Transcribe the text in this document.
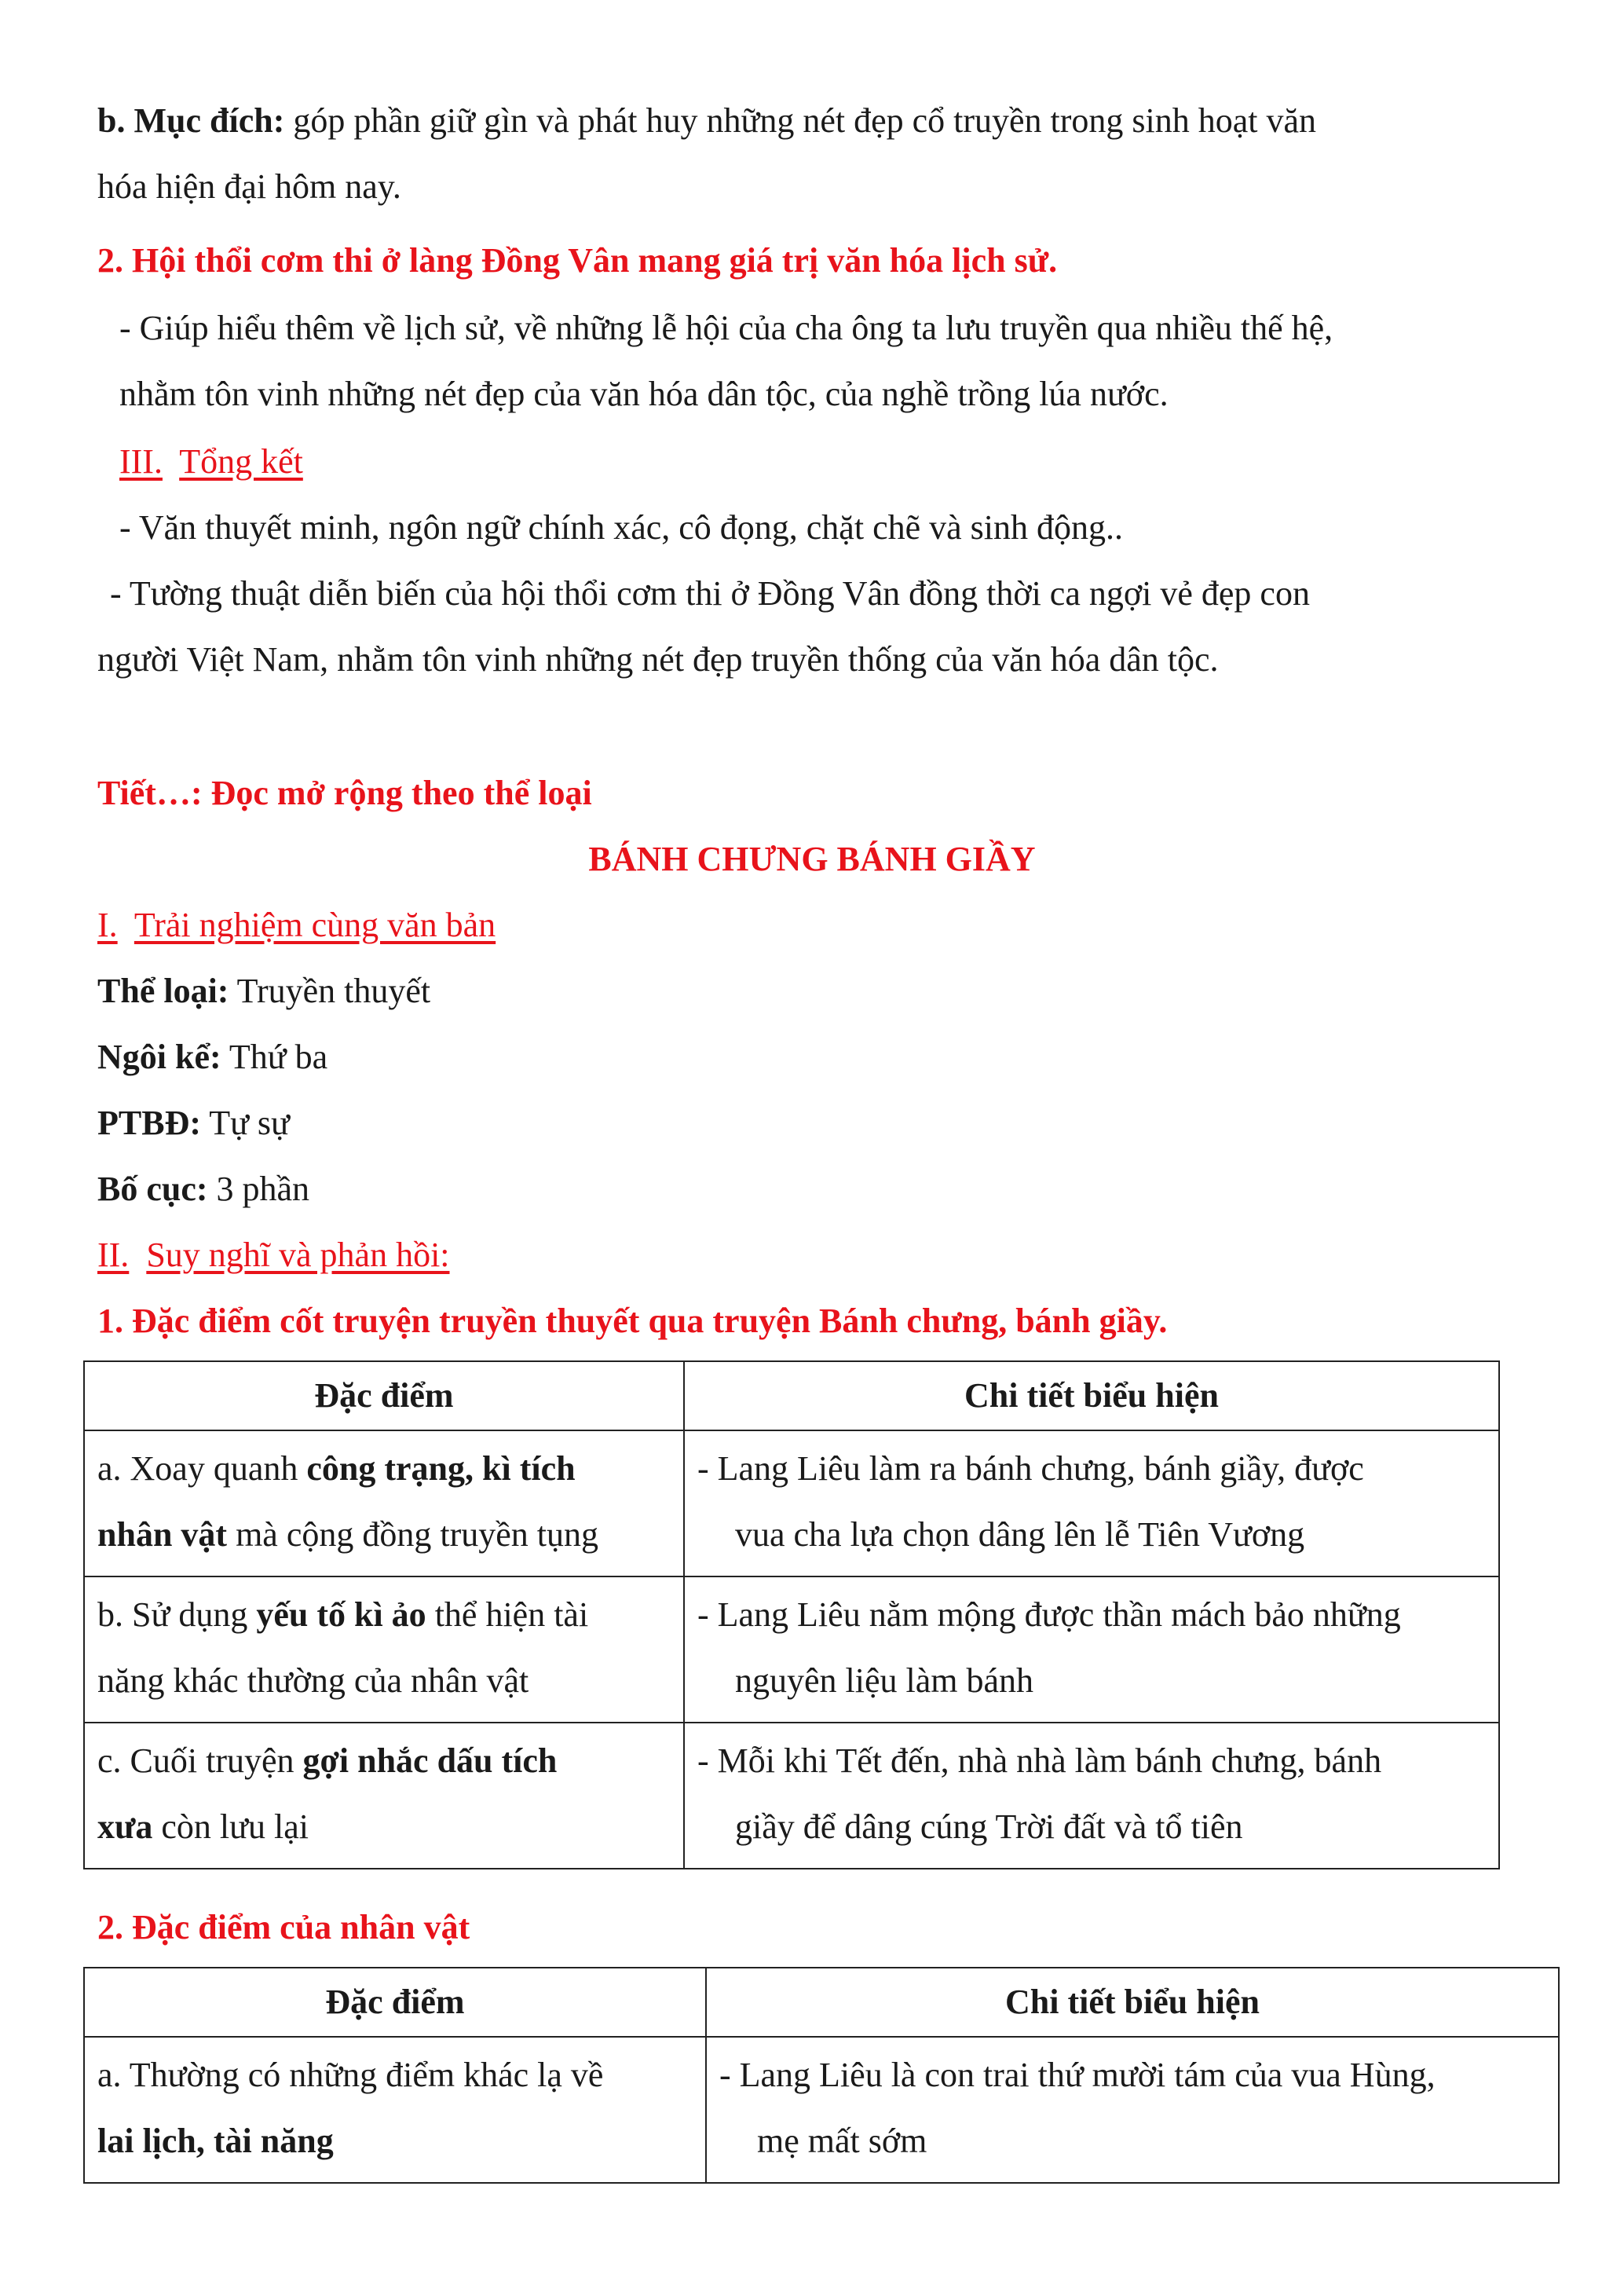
b. Mục đích: góp phần giữ gìn và phát huy những nét đẹp cổ truyền trong sinh hoạt văn
hóa hiện đại hôm nay.
2. Hội thổi cơm thi ở làng Đồng Vân mang giá trị văn hóa lịch sử.
- Giúp hiểu thêm về lịch sử, về những lễ hội của cha ông ta lưu truyền qua nhiều thế hệ,
nhằm tôn vinh những nét đẹp của văn hóa dân tộc, của nghề trồng lúa nước.
III. Tổng kết
- Văn thuyết minh, ngôn ngữ chính xác, cô đọng, chặt chẽ và sinh động..
- Tường thuật diễn biến của hội thổi cơm thi ở Đồng Vân đồng thời ca ngợi vẻ đẹp con
người Việt Nam, nhằm tôn vinh những nét đẹp truyền thống của văn hóa dân tộc.
Tiết…: Đọc mở rộng theo thể loại
BÁNH CHƯNG BÁNH GIẦY
I. Trải nghiệm cùng văn bản
Thể loại: Truyền thuyết
Ngôi kể: Thứ ba
PTBĐ: Tự sự
Bố cục: 3 phần
II. Suy nghĩ và phản hồi:
1. Đặc điểm cốt truyện truyền thuyết qua truyện Bánh chưng, bánh giầy.
Đặc điểm	Chi tiết biểu hiện

a. Xoay quanh công trạng, kì tích
nhân vật mà cộng đồng truyền tụng	- Lang Liêu làm ra bánh chưng, bánh giầy, được
vua cha lựa chọn dâng lên lễ Tiên Vương

b. Sử dụng yếu tố kì ảo thể hiện tài
năng khác thường của nhân vật	- Lang Liêu nằm mộng được thần mách bảo những
nguyên liệu làm bánh

c. Cuối truyện gợi nhắc dấu tích
xưa còn lưu lại	- Mỗi khi Tết đến, nhà nhà làm bánh chưng, bánh
giầy để dâng cúng Trời đất và tổ tiên
2. Đặc điểm của nhân vật
Đặc điểm	Chi tiết biểu hiện

a. Thường có những điểm khác lạ về
lai lịch, tài năng	- Lang Liêu là con trai thứ mười tám của vua Hùng,
mẹ mất sớm
